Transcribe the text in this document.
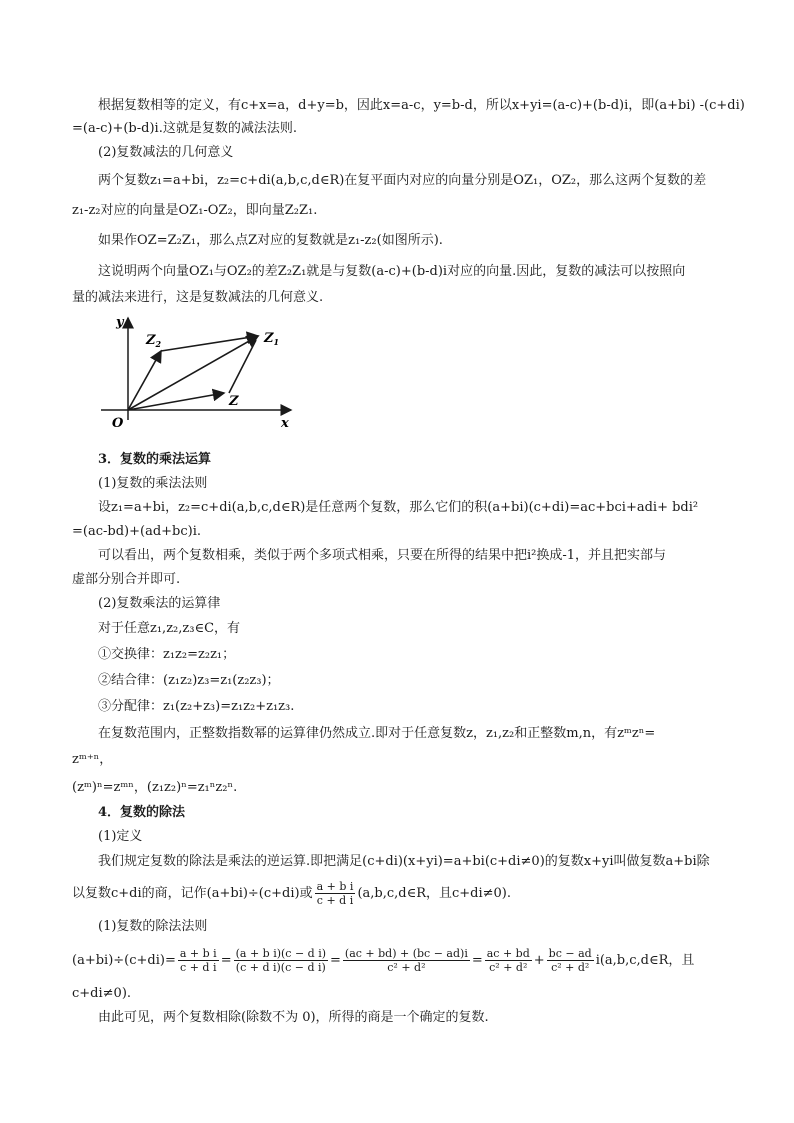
根据复数相等的定义，有c+x=a，d+y=b，因此x=a-c，y=b-d，所以x+yi=(a-c)+(b-d)i，即(a+bi) -(c+di)
=(a-c)+(b-d)i.这就是复数的减法法则.
(2)复数减法的几何意义
两个复数z₁=a+bi，z₂=c+di(a,b,c,d∈R)在复平面内对应的向量分别是OZ₁，OZ₂，那么这两个复数的差
z₁-z₂对应的向量是OZ₁-OZ₂，即向量Z₂Z₁.
如果作OZ=Z₂Z₁，那么点Z对应的复数就是z₁-z₂(如图所示).
这说明两个向量OZ₁与OZ₂的差Z₂Z₁就是与复数(a-c)+(b-d)i对应的向量.因此，复数的减法可以按照向
量的减法来进行，这是复数减法的几何意义.
y
x
O
$Z_1$
$Z_2$
Z
3．复数的乘法运算
(1)复数的乘法法则
设z₁=a+bi，z₂=c+di(a,b,c,d∈R)是任意两个复数，那么它们的积(a+bi)(c+di)=ac+bci+adi+ bdi²
=(ac-bd)+(ad+bc)i.
可以看出，两个复数相乘，类似于两个多项式相乘，只要在所得的结果中把i²换成-1，并且把实部与
虚部分别合并即可.
(2)复数乘法的运算律
对于任意z₁,z₂,z₃∈C，有
①交换律：z₁z₂=z₂z₁；
②结合律：(z₁z₂)z₃=z₁(z₂z₃)；
③分配律：z₁(z₂+z₃)=z₁z₂+z₁z₃.
在复数范围内，正整数指数幂的运算律仍然成立.即对于任意复数z，z₁,z₂和正整数m,n，有zᵐzⁿ=
zᵐ⁺ⁿ，
(zᵐ)ⁿ=zᵐⁿ，(z₁z₂)ⁿ=z₁ⁿz₂ⁿ.
4．复数的除法
(1)定义
我们规定复数的除法是乘法的逆运算.即把满足(c+di)(x+yi)=a+bi(c+di≠0)的复数x+yi叫做复数a+bi除
以复数c+di的商，记作(a+bi)÷(c+di)或 $\frac{\text{a + b i}}{\text{c + d i}}$ (a,b,c,d∈R，且c+di≠0).
(1)复数的除法法则
$(a+bi)\div(c+di)= \frac{\text{a + b i}}{\text{c + d i}} = \frac{\text{(a + b i)(c − d i)}}{\text{(c + d i)(c − d i)}} = \frac{(ac + bd) + (bc - ad)i}{\text{c² + d²}} = \frac{ac + bd}{\text{c² + d²}} + \frac{bc - ad}{\text{c² + d²}}$ i(a,b,c,d∈R，且
c+di≠0).
由此可见，两个复数相除(除数不为 0)，所得的商是一个确定的复数.
